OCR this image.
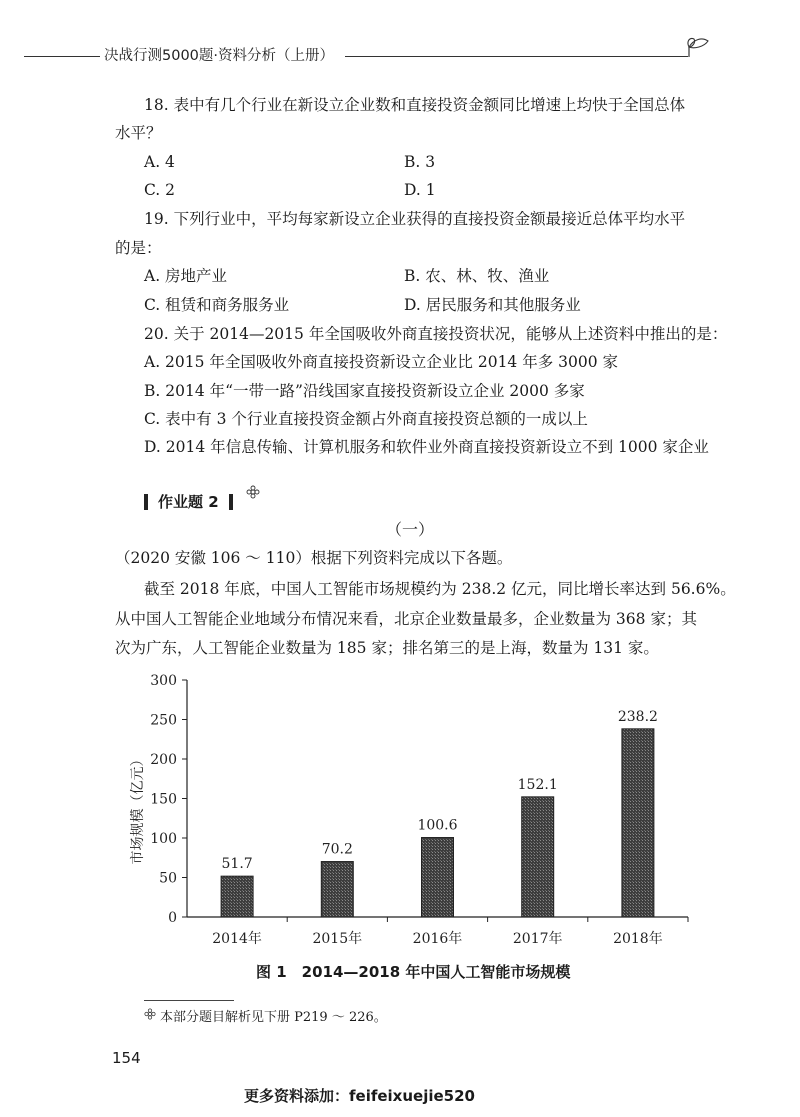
决战行测5000题·资料分析（上册）
18. 表中有几个行业在新设立企业数和直接投资金额同比增速上均快于全国总体
水平？
A. 4	B. 3
C. 2	D. 1
19. 下列行业中，平均每家新设立企业获得的直接投资金额最接近总体平均水平
的是：
A. 房地产业	B. 农、林、牧、渔业
C. 租赁和商务服务业	D. 居民服务和其他服务业
20. 关于 2014—2015 年全国吸收外商直接投资状况，能够从上述资料中推出的是：
A. 2015 年全国吸收外商直接投资新设立企业比 2014 年多 3000 家
B. 2014 年“一带一路”沿线国家直接投资新设立企业 2000 多家
C. 表中有 3 个行业直接投资金额占外商直接投资总额的一成以上
D. 2014 年信息传输、计算机服务和软件业外商直接投资新设立不到 1000 家企业
作业题 2
（一）
（2020 安徽 106 ～ 110）根据下列资料完成以下各题。
截至 2018 年底，中国人工智能市场规模约为 238.2 亿元，同比增长率达到 56.6%。
从中国人工智能企业地域分布情况来看，北京企业数量最多，企业数量为 368 家；其
次为广东，人工智能企业数量为 185 家；排名第三的是上海，数量为 131 家。
市场规模（亿元）
0
50
100
150
200
250
300
51.7
2014年
70.2
2015年
100.6
2016年
152.1
2017年
238.2
2018年
图 1　2014—2018 年中国人工智能市场规模
本部分题目解析见下册 P219 ～ 226。
154
更多资料添加：feifeixuejie520
